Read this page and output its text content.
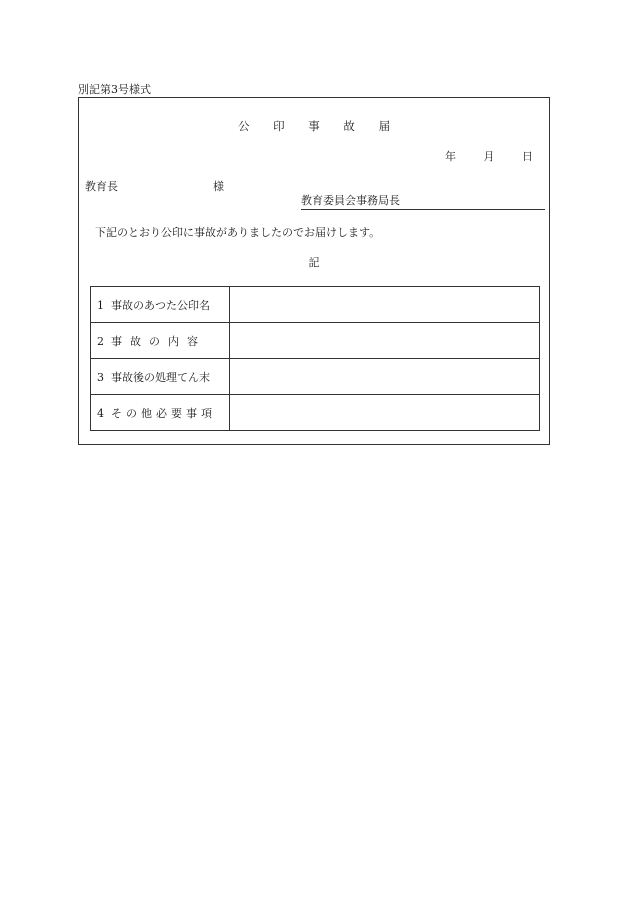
別記第3号様式
公 印 事 故 届
年	月	日
教育長	様
教育委員会事務局長
下記のとおり公印に事故がありましたのでお届けします。
記
1 事故のあつた公印名	
2 事故の内容	
3 事故後の処理てん末	
4 その他必要事項	
